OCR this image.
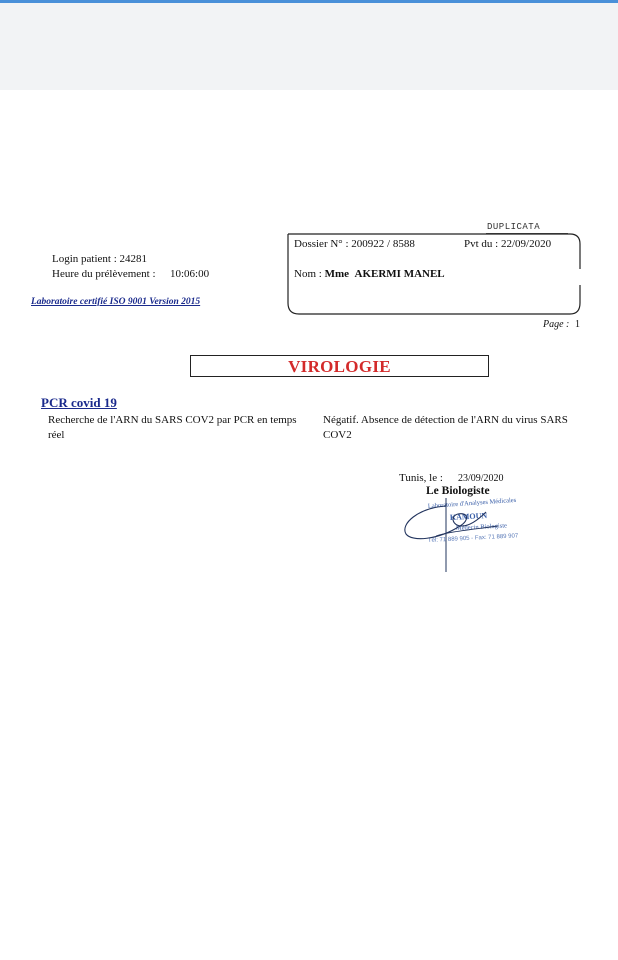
DUPLICATA
Dossier N° : 200922 / 8588	Pvt du : 22/09/2020
Nom : Mme AKERMI MANEL
Login patient : 24281
Heure du prélèvement : 10:06:00
Laboratoire certifié ISO 9001 Version 2015
Page : 1
VIROLOGIE
PCR covid 19
Recherche de l'ARN du SARS COV2 par PCR en temps réel
Négatif. Absence de détection de l'ARN du virus SARS COV2
Tunis, le : 23/09/2020
Le Biologiste
Laboratoire d'Analyses Médicales
KAMOUN
Médecin Biologiste
Tél: 71 889 905 - Fax: 71 889 907
